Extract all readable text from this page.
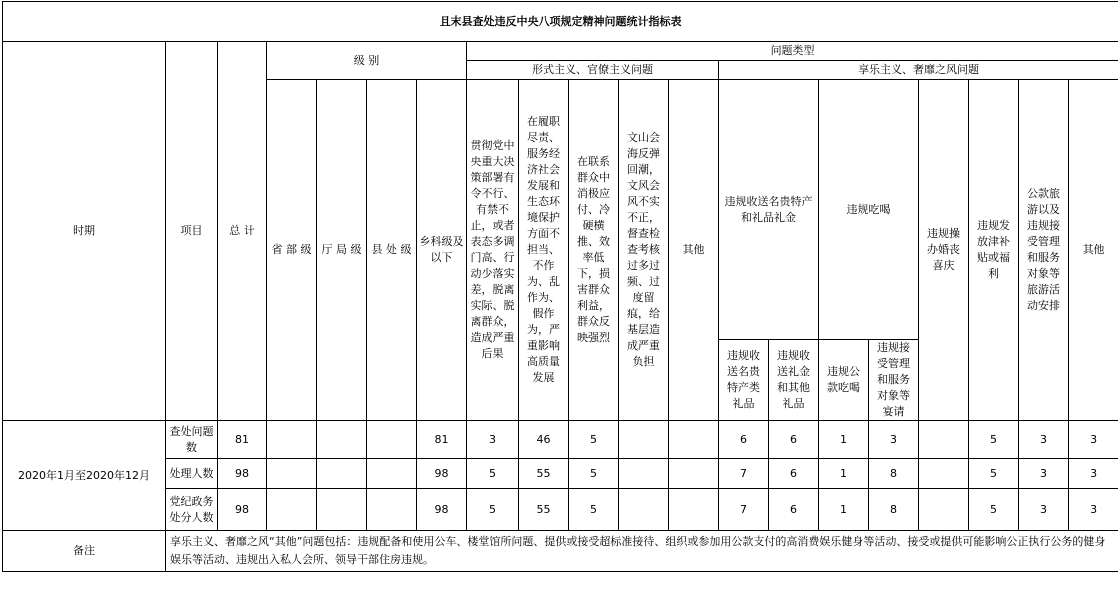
且末县查处违反中央八项规定精神问题统计指标表																			
时期	项目	总 计	级 别				问题类型												
							形式主义、官僚主义问题					享乐主义、奢靡之风问题							
			省 部 级	厅 局 级	县 处 级	乡科级及以下	贯彻党中央重大决策部署有令不行、有禁不止，或者表态多调门高、行动少落实差，脱离实际、脱离群众，造成严重后果	在履职尽责、服务经济社会发展和生态环境保护方面不担当、不作为、乱作为、假作为，严重影响高质量发展	在联系群众中消极应付、冷硬横推、效率低下，损害群众利益，群众反映强烈	文山会海反弹回潮，文风会风不实不正，督查检查考核过多过频、过度留痕，给基层造成严重负担	其他	违规收送名贵特产和礼品礼金		违规吃喝		违规操办婚丧喜庆	违规发放津补贴或福利	公款旅游以及违规接受管理和服务对象等旅游活动安排	其他

												违规收送名贵特产类礼品	违规收送礼金和其他礼品	违规公款吃喝	违规接受管理和服务对象等宴请				
2020年1月至2020年12月	查处问题数	81				81	3	46	5			6	6	1	3		5	3	3
	处理人数	98				98	5	55	5			7	6	1	8		5	3	3
	党纪政务处分人数	98				98	5	55	5			7	6	1	8		5	3	3
备注	享乐主义、奢靡之风“其他”问题包括：违规配备和使用公车、楼堂馆所问题、提供或接受超标准接待、组织或参加用公款支付的高消费娱乐健身等活动、接受或提供可能影响公正执行公务的健身娱乐等活动、违规出入私人会所、领导干部住房违规。																		
